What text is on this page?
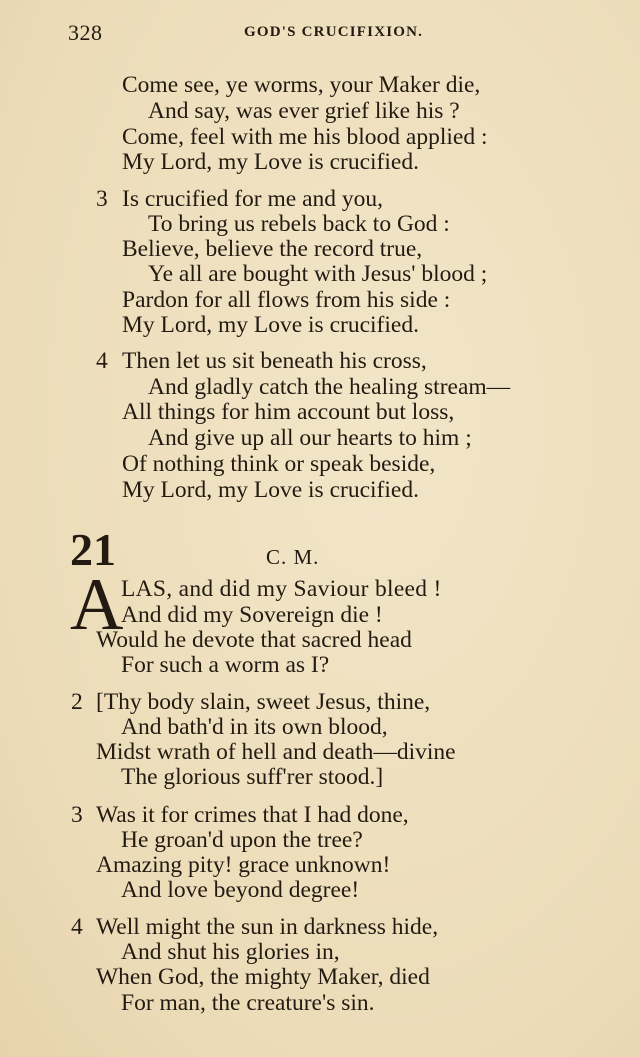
328	GOD'S CRUCIFIXION.
Come see, ye worms, your Maker die,
And say, was ever grief like his ?
Come, feel with me his blood applied :
My Lord, my Love is crucified.
3 Is crucified for me and you,
To bring us rebels back to God :
Believe, believe the record true,
Ye all are bought with Jesus' blood ;
Pardon for all flows from his side :
My Lord, my Love is crucified.
4 Then let us sit beneath his cross,
And gladly catch the healing stream—
All things for him account but loss,
And give up all our hearts to him ;
Of nothing think or speak beside,
My Lord, my Love is crucified.
21	C. M.
A
LAS, and did my Saviour bleed !
And did my Sovereign die !
Would he devote that sacred head
For such a worm as I?
2 [Thy body slain, sweet Jesus, thine,
And bath'd in its own blood,
Midst wrath of hell and death—divine
The glorious suff'rer stood.]
3 Was it for crimes that I had done,
He groan'd upon the tree?
Amazing pity! grace unknown!
And love beyond degree!
4 Well might the sun in darkness hide,
And shut his glories in,
When God, the mighty Maker, died
For man, the creature's sin.
